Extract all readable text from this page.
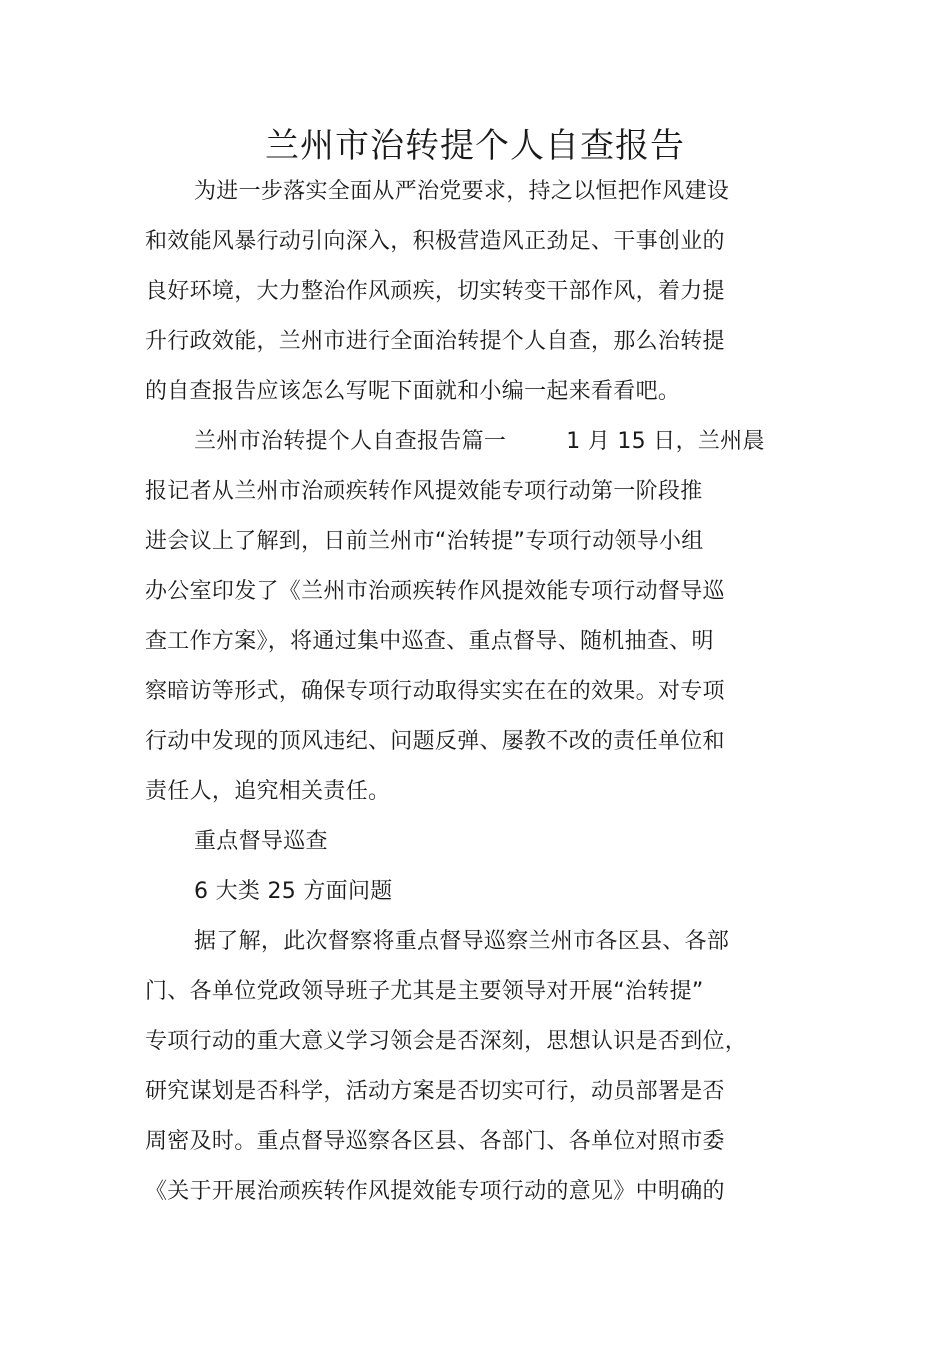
兰州市治转提个人自查报告
为进一步落实全面从严治党要求，持之以恒把作风建设
和效能风暴行动引向深入，积极营造风正劲足、干事创业的
良好环境，大力整治作风顽疾，切实转变干部作风，着力提
升行政效能，兰州市进行全面治转提个人自查，那么治转提
的自查报告应该怎么写呢下面就和小编一起来看看吧。
兰州市治转提个人自查报告篇一	1 月 15 日，兰州晨
报记者从兰州市治顽疾转作风提效能专项行动第一阶段推
进会议上了解到，日前兰州市“治转提”专项行动领导小组
办公室印发了《兰州市治顽疾转作风提效能专项行动督导巡
查工作方案》，将通过集中巡查、重点督导、随机抽查、明
察暗访等形式，确保专项行动取得实实在在的效果。对专项
行动中发现的顶风违纪、问题反弹、屡教不改的责任单位和
责任人，追究相关责任。
重点督导巡查
6 大类 25 方面问题
据了解，此次督察将重点督导巡察兰州市各区县、各部
门、各单位党政领导班子尤其是主要领导对开展“治转提”
专项行动的重大意义学习领会是否深刻，思想认识是否到位，
研究谋划是否科学，活动方案是否切实可行，动员部署是否
周密及时。重点督导巡察各区县、各部门、各单位对照市委
《关于开展治顽疾转作风提效能专项行动的意见》中明确的
